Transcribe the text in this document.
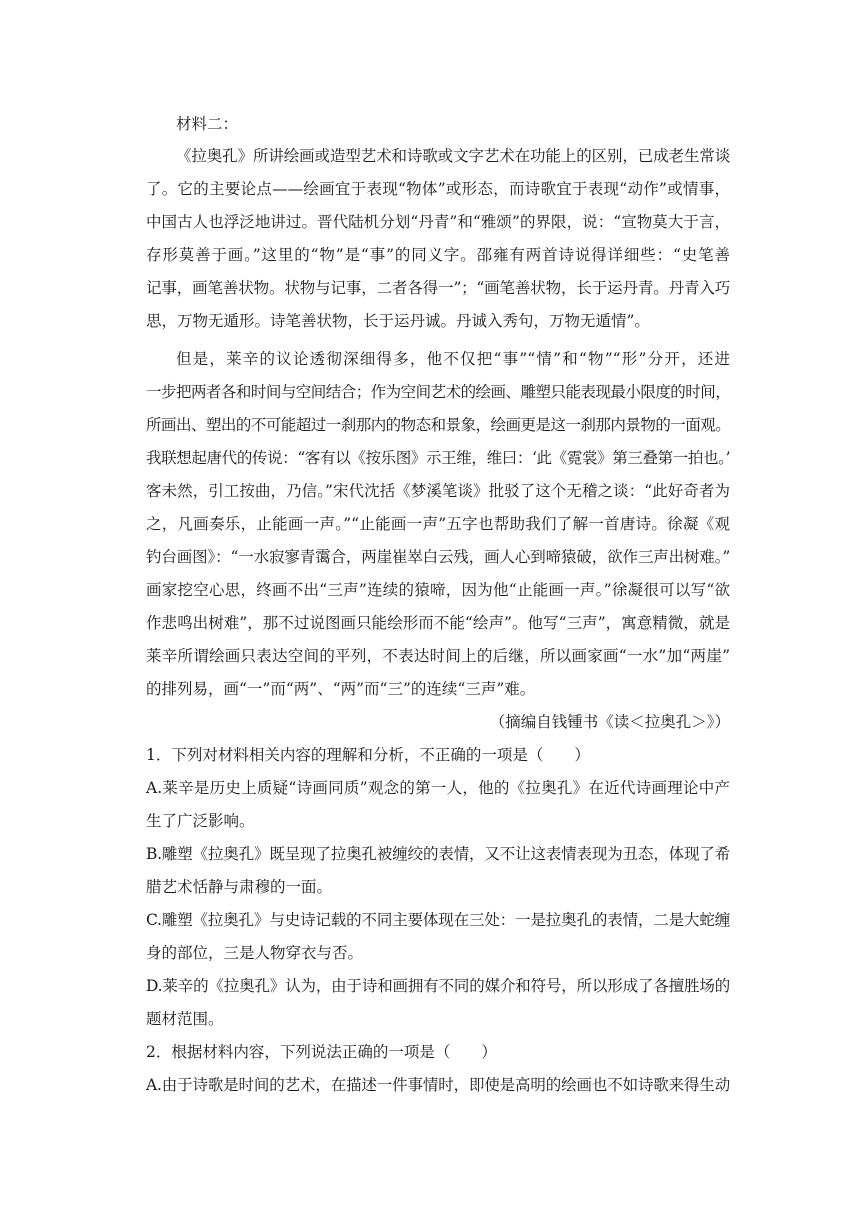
材料二：
《拉奥孔》所讲绘画或造型艺术和诗歌或文字艺术在功能上的区别，已成老生常谈
了。它的主要论点——绘画宜于表现“物体”或形态，而诗歌宜于表现“动作”或情事，
中国古人也浮泛地讲过。晋代陆机分划“丹青”和“雅颂”的界限，说：“宣物莫大于言，
存形莫善于画。”这里的“物”是“事”的同义字。邵雍有两首诗说得详细些：“史笔善
记事，画笔善状物。状物与记事，二者各得一”；“画笔善状物，长于运丹青。丹青入巧
思，万物无遁形。诗笔善状物，长于运丹诚。丹诚入秀句，万物无遁情”。
但是，莱辛的议论透彻深细得多，他不仅把“事”“情”和“物”“形”分开，还进
一步把两者各和时间与空间结合；作为空间艺术的绘画、雕塑只能表现最小限度的时间，
所画出、塑出的不可能超过一刹那内的物态和景象，绘画更是这一刹那内景物的一面观。
我联想起唐代的传说：“客有以《按乐图》示王维，维曰：‘此《霓裳》第三叠第一拍也。’
客未然，引工按曲，乃信。”宋代沈括《梦溪笔谈》批驳了这个无稽之谈：“此好奇者为
之，凡画奏乐，止能画一声。”“止能画一声”五字也帮助我们了解一首唐诗。徐凝《观
钓台画图》：“一水寂寥青霭合，两崖崔崒白云残，画人心到啼猿破，欲作三声出树难。”
画家挖空心思，终画不出“三声”连续的猿啼，因为他“止能画一声。”徐凝很可以写“欲
作悲鸣出树难”，那不过说图画只能绘形而不能“绘声”。他写“三声”，寓意精微，就是
莱辛所谓绘画只表达空间的平列，不表达时间上的后继，所以画家画“一水”加“两崖”
的排列易，画“一”而“两”、“两”而“三”的连续“三声”难。
（摘编自钱锺书《读＜拉奥孔＞》）
1．下列对材料相关内容的理解和分析，不正确的一项是（　　）
A.莱辛是历史上质疑“诗画同质”观念的第一人，他的《拉奥孔》在近代诗画理论中产
生了广泛影响。
B.雕塑《拉奥孔》既呈现了拉奥孔被缠绞的表情，又不让这表情表现为丑态，体现了希
腊艺术恬静与肃穆的一面。
C.雕塑《拉奥孔》与史诗记载的不同主要体现在三处：一是拉奥孔的表情，二是大蛇缠
身的部位，三是人物穿衣与否。
D.莱辛的《拉奥孔》认为，由于诗和画拥有不同的媒介和符号，所以形成了各擅胜场的
题材范围。
2．根据材料内容，下列说法正确的一项是（　　）
A.由于诗歌是时间的艺术，在描述一件事情时，即使是高明的绘画也不如诗歌来得生动
